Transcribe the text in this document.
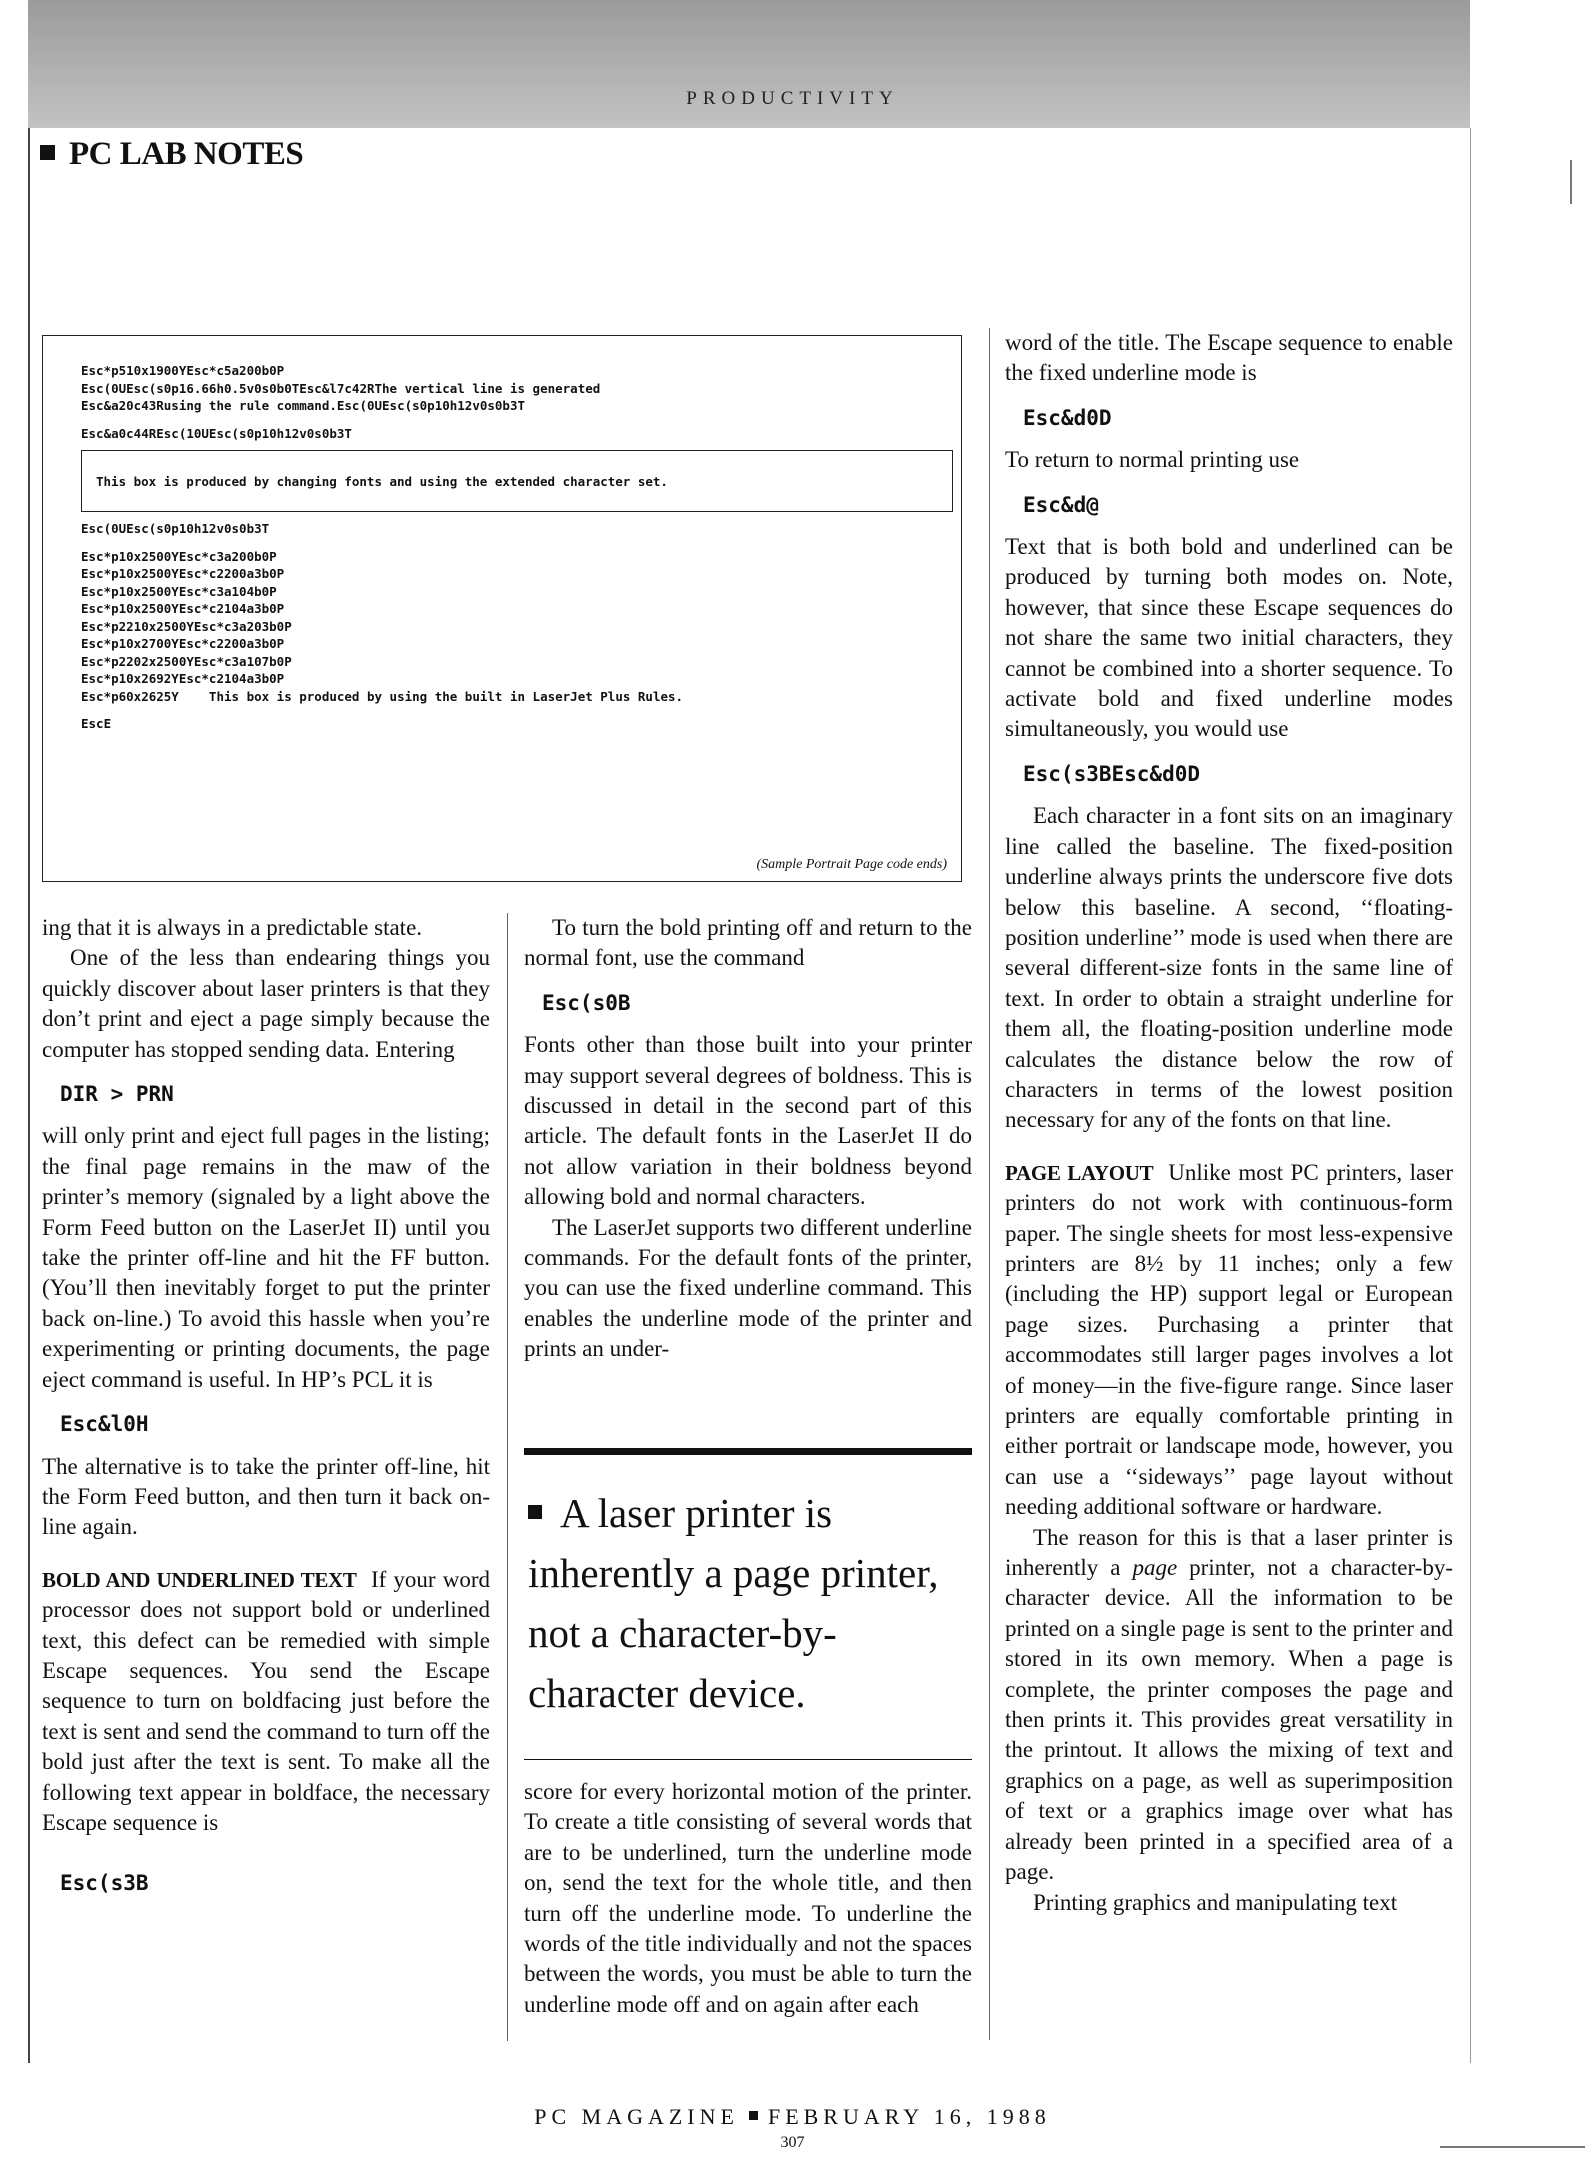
PRODUCTIVITY
PC LAB NOTES
Esc*p510x1900YEsc*c5a200b0P
Esc(0UEsc(s0p16.66h0.5v0s0b0TEsc&l7c42RThe vertical line is generated
Esc&a20c43Rusing the rule command.Esc(0UEsc(s0p10h12v0s0b3T
Esc&a0c44REsc(10UEsc(s0p10h12v0s0b3T
This box is produced by changing fonts and using the extended character set.
Esc(0UEsc(s0p10h12v0s0b3T
Esc*p10x2500YEsc*c3a200b0P
Esc*p10x2500YEsc*c2200a3b0P
Esc*p10x2500YEsc*c3a104b0P
Esc*p10x2500YEsc*c2104a3b0P
Esc*p2210x2500YEsc*c3a203b0P
Esc*p10x2700YEsc*c2200a3b0P
Esc*p2202x2500YEsc*c3a107b0P
Esc*p10x2692YEsc*c2104a3b0P
Esc*p60x2625Y    This box is produced by using the built in LaserJet Plus Rules.
EscE
(Sample Portrait Page code ends)

ing that it is always in a predictable state.

One of the less than endearing things you quickly discover about laser printers is that they don’t print and eject a page simply because the computer has stopped sending data. Entering

DIR > PRN

will only print and eject full pages in the listing; the final page remains in the maw of the printer’s memory (signaled by a light above the Form Feed button on the LaserJet II) until you take the printer off-line and hit the FF button. (You’ll then inevitably forget to put the printer back on-line.) To avoid this hassle when you’re experimenting or printing documents, the page eject command is useful. In HP’s PCL it is

Esc&l0H

The alternative is to take the printer off-line, hit the Form Feed button, and then turn it back on-line again.

BOLD AND UNDERLINED TEXT If your word processor does not support bold or underlined text, this defect can be remedied with simple Escape sequences. You send the Escape sequence to turn on boldfacing just before the text is sent and send the command to turn off the bold just after the text is sent. To make all the following text appear in boldface, the necessary Escape sequence is

Esc(s3B

To turn the bold printing off and return to the normal font, use the command

Esc(s0B

Fonts other than those built into your printer may support several degrees of boldness. This is discussed in detail in the second part of this article. The default fonts in the LaserJet II do not allow variation in their boldness beyond allowing bold and normal characters.

The LaserJet supports two different underline commands. For the default fonts of the printer, you can use the fixed underline command. This enables the underline mode of the printer and prints an under-

A laser printer is inherently a page printer, not a character-by-character device.

score for every horizontal motion of the printer. To create a title consisting of several words that are to be underlined, turn the underline mode on, send the text for the whole title, and then turn off the underline mode. To underline the words of the title individually and not the spaces between the words, you must be able to turn the underline mode off and on again after each

word of the title. The Escape sequence to enable the fixed underline mode is

Esc&d0D

To return to normal printing use

Esc&d@

Text that is both bold and underlined can be produced by turning both modes on. Note, however, that since these Escape sequences do not share the same two initial characters, they cannot be combined into a shorter sequence. To activate bold and fixed underline modes simultaneously, you would use

Esc(s3BEsc&d0D

Each character in a font sits on an imaginary line called the baseline. The fixed-position underline always prints the underscore five dots below this baseline. A second, ‘‘floating-position underline’’ mode is used when there are several different-size fonts in the same line of text. In order to obtain a straight underline for them all, the floating-position underline mode calculates the distance below the row of characters in terms of the lowest position necessary for any of the fonts on that line.

PAGE LAYOUT Unlike most PC printers, laser printers do not work with continuous-form paper. The single sheets for most less-expensive printers are 8½ by 11 inches; only a few (including the HP) support legal or European page sizes. Purchasing a printer that accommodates still larger pages involves a lot of money—in the five-figure range. Since laser printers are equally comfortable printing in either portrait or landscape mode, however, you can use a ‘‘sideways’’ page layout without needing additional software or hardware.

The reason for this is that a laser printer is inherently a page printer, not a character-by-character device. All the information to be printed on a single page is sent to the printer and stored in its own memory. When a page is complete, the printer composes the page and then prints it. This provides great versatility in the printout. It allows the mixing of text and graphics on a page, as well as superimposition of text or a graphics image over what has already been printed in a specified area of a page.

Printing graphics and manipulating text

PC MAGAZINE FEBRUARY 16, 1988
307
